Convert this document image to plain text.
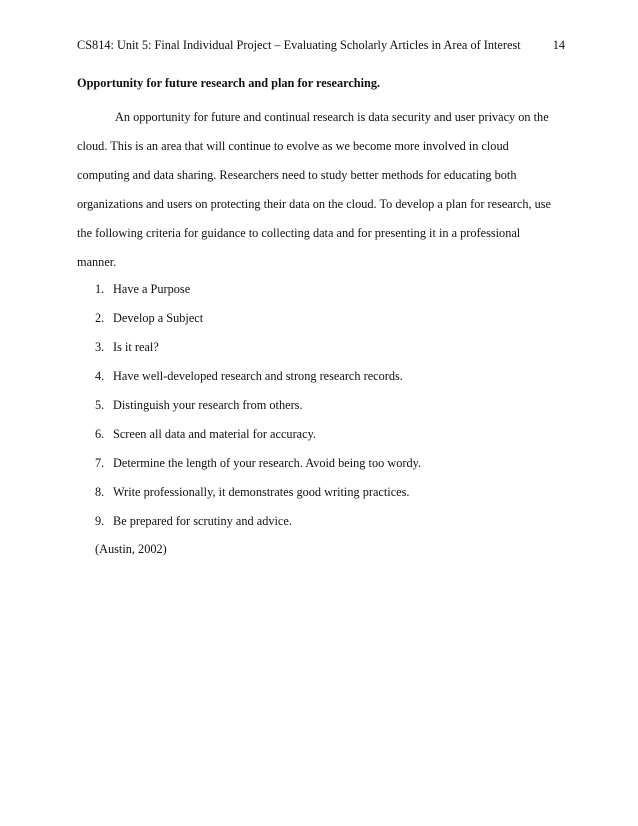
CS814: Unit 5: Final Individual Project – Evaluating Scholarly Articles in Area of Interest	14
Opportunity for future research and plan for researching.
An opportunity for future and continual research is data security and user privacy on the
cloud. This is an area that will continue to evolve as we become more involved in cloud
computing and data sharing. Researchers need to study better methods for educating both
organizations and users on protecting their data on the cloud. To develop a plan for research, use
the following criteria for guidance to collecting data and for presenting it in a professional
manner.
1. Have a Purpose
2. Develop a Subject
3. Is it real?
4. Have well-developed research and strong research records.
5. Distinguish your research from others.
6. Screen all data and material for accuracy.
7. Determine the length of your research. Avoid being too wordy.
8. Write professionally, it demonstrates good writing practices.
9. Be prepared for scrutiny and advice.
(Austin, 2002)
